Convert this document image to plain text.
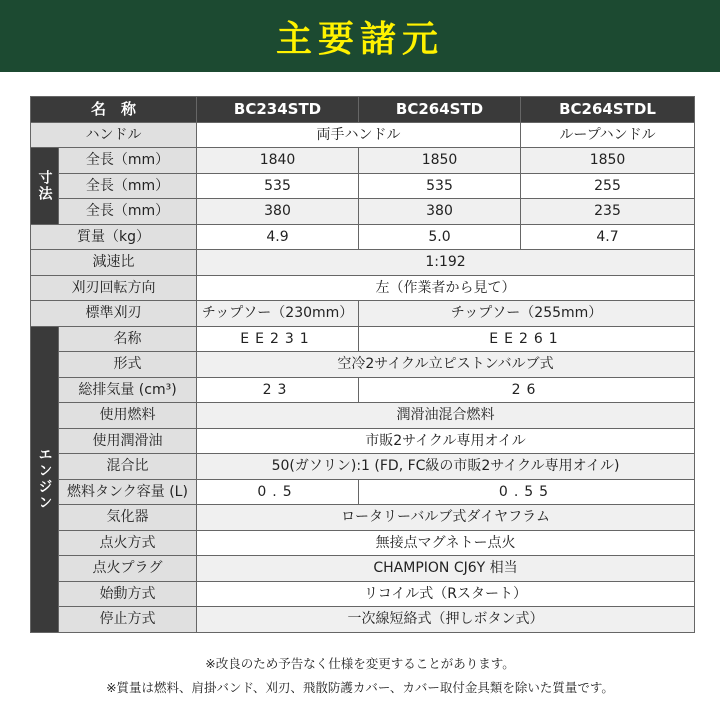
主要諸元
名　称		BC234STD	BC264STD	BC264STDL
ハンドル		両手ハンドル		ループハンドル

寸法	全長（mm）	1840	1850	1850
	全長（mm）	535	535	255
	全長（mm）	380	380	235
質量（kg）		4.9	5.0	4.7
減速比		1:192		
刈刃回転方向		左（作業者から見て）		
標準刈刃		チップソー（230mm）	チップソー（255mm）	

エンジン	名称	EE231	EE261	
	形式	空冷2サイクル立ピストンバルブ式		
	総排気量 (cm³)	23	26	
	使用燃料	潤滑油混合燃料		
	使用潤滑油	市販2サイクル専用オイル		
	混合比	50(ガソリン):1 (FD, FC級の市販2サイクル専用オイル)		
	燃料タンク容量 (L)	0.5	0.55	
	気化器	ロータリーバルブ式ダイヤフラム		
	点火方式	無接点マグネトー点火		
	点火プラグ	CHAMPION CJ6Y 相当		
	始動方式	リコイル式（Rスタート）		
	停止方式	一次線短絡式（押しボタン式）		
※改良のため予告なく仕様を変更することがあります。
※質量は燃料、肩掛バンド、刈刃、飛散防護カバー、カバー取付金具類を除いた質量です。
